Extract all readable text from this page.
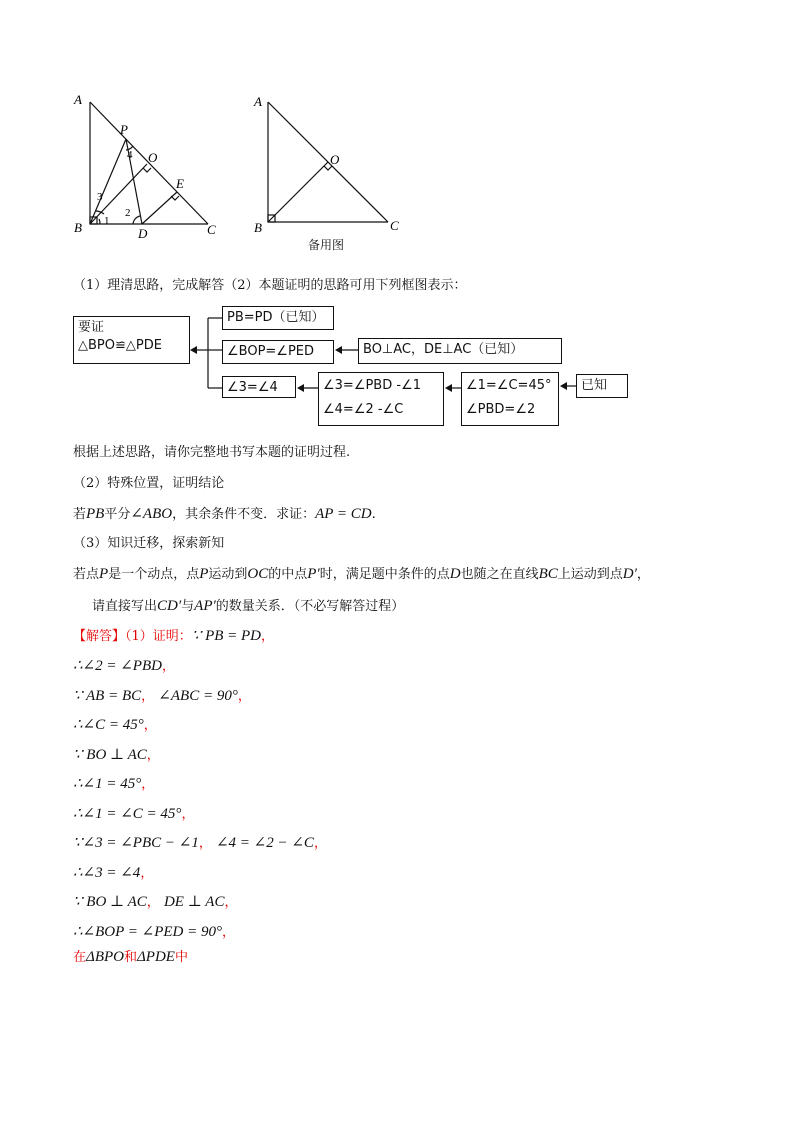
A
P
O
E
B	D	C
1
2
3
4
A
O
B	C
备用图
（1）理清思路，完成解答（2）本题证明的思路可用下列框图表示：
要证
△BPO≌△PDE
PB=PD（已知）
∠BOP=∠PED	BO⊥AC，DE⊥AC（已知）
∠3=∠4	∠3=∠PBD -∠1
∠4=∠2 -∠C
∠1=∠C=45°
∠PBD=∠2
已知
根据上述思路，请你完整地书写本题的证明过程.
（2）特殊位置，证明结论
若PB平分∠ABO，其余条件不变．求证：AP = CD.
（3）知识迁移，探索新知
若点P是一个动点，点P运动到OC的中点P′时，满足题中条件的点D也随之在直线BC上运动到点D′，
请直接写出CD′与AP′的数量关系．（不必写解答过程）
【解答】（1）证明：∵ PB = PD，
∴∠2 = ∠PBD，
∵ AB = BC， ∠ABC = 90°，
∴∠C = 45°，
∵ BO ⊥ AC，
∴∠1 = 45°，
∴∠1 = ∠C = 45°，
∵∠3 = ∠PBC − ∠1， ∠4 = ∠2 − ∠C，
∴∠3 = ∠4，
∵ BO ⊥ AC， DE ⊥ AC，
∴∠BOP = ∠PED = 90°，
在ΔBPO和ΔPDE中
